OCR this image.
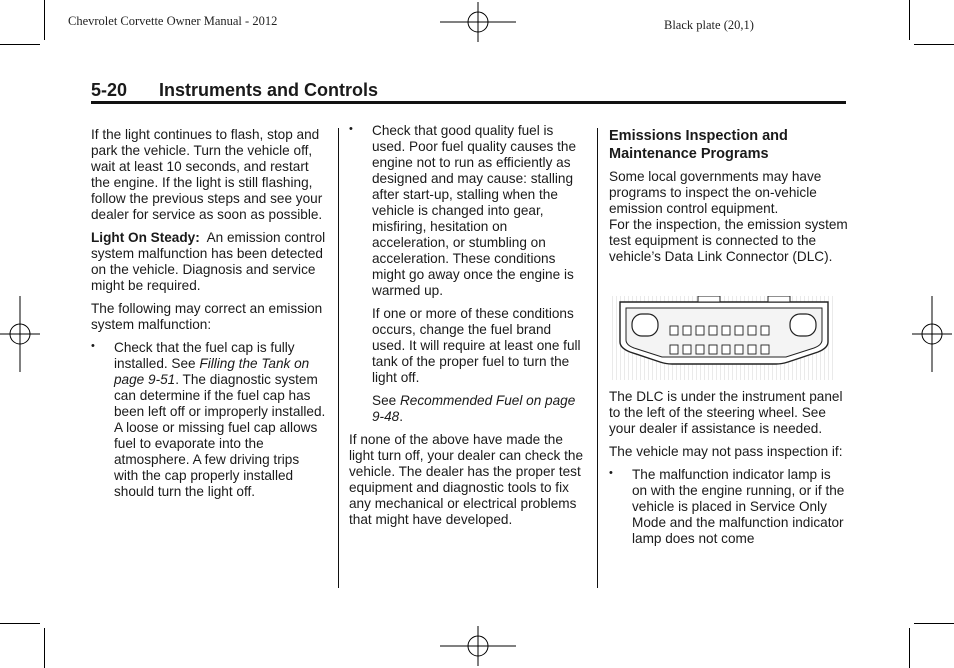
Chevrolet Corvette Owner Manual - 2012	Black plate (20,1)
5-20 Instruments and Controls

If the light continues to flash, stop and park the vehicle. Turn the vehicle off, wait at least 10 seconds, and restart the engine. If the light is still flashing, follow the previous steps and see your dealer for service as soon as possible.

Light On Steady: An emission control system malfunction has been detected on the vehicle. Diagnosis and service might be required.

The following may correct an emission system malfunction:

• Check that the fuel cap is fully installed. See Filling the Tank on page 9-51. The diagnostic system can determine if the fuel cap has been left off or improperly installed. A loose or missing fuel cap allows fuel to evaporate into the atmosphere. A few driving trips with the cap properly installed should turn the light off.
• Check that good quality fuel is used. Poor fuel quality causes the engine not to run as efficiently as designed and may cause: stalling after start-up, stalling when the vehicle is changed into gear, misfiring, hesitation on acceleration, or stumbling on acceleration. These conditions might go away once the engine is warmed up.

If one or more of these conditions occurs, change the fuel brand used. It will require at least one full tank of the proper fuel to turn the light off.

See Recommended Fuel on page 9-48.

If none of the above have made the light turn off, your dealer can check the vehicle. The dealer has the proper test equipment and diagnostic tools to fix any mechanical or electrical problems that might have developed.

Emissions Inspection and Maintenance Programs
Some local governments may have programs to inspect the on-vehicle emission control equipment.
For the inspection, the emission system test equipment is connected to the vehicle’s Data Link Connector (DLC).

The DLC is under the instrument panel to the left of the steering wheel. See your dealer if assistance is needed.

The vehicle may not pass inspection if:

• The malfunction indicator lamp is on with the engine running, or if the vehicle is placed in Service Only Mode and the malfunction indicator lamp does not come
